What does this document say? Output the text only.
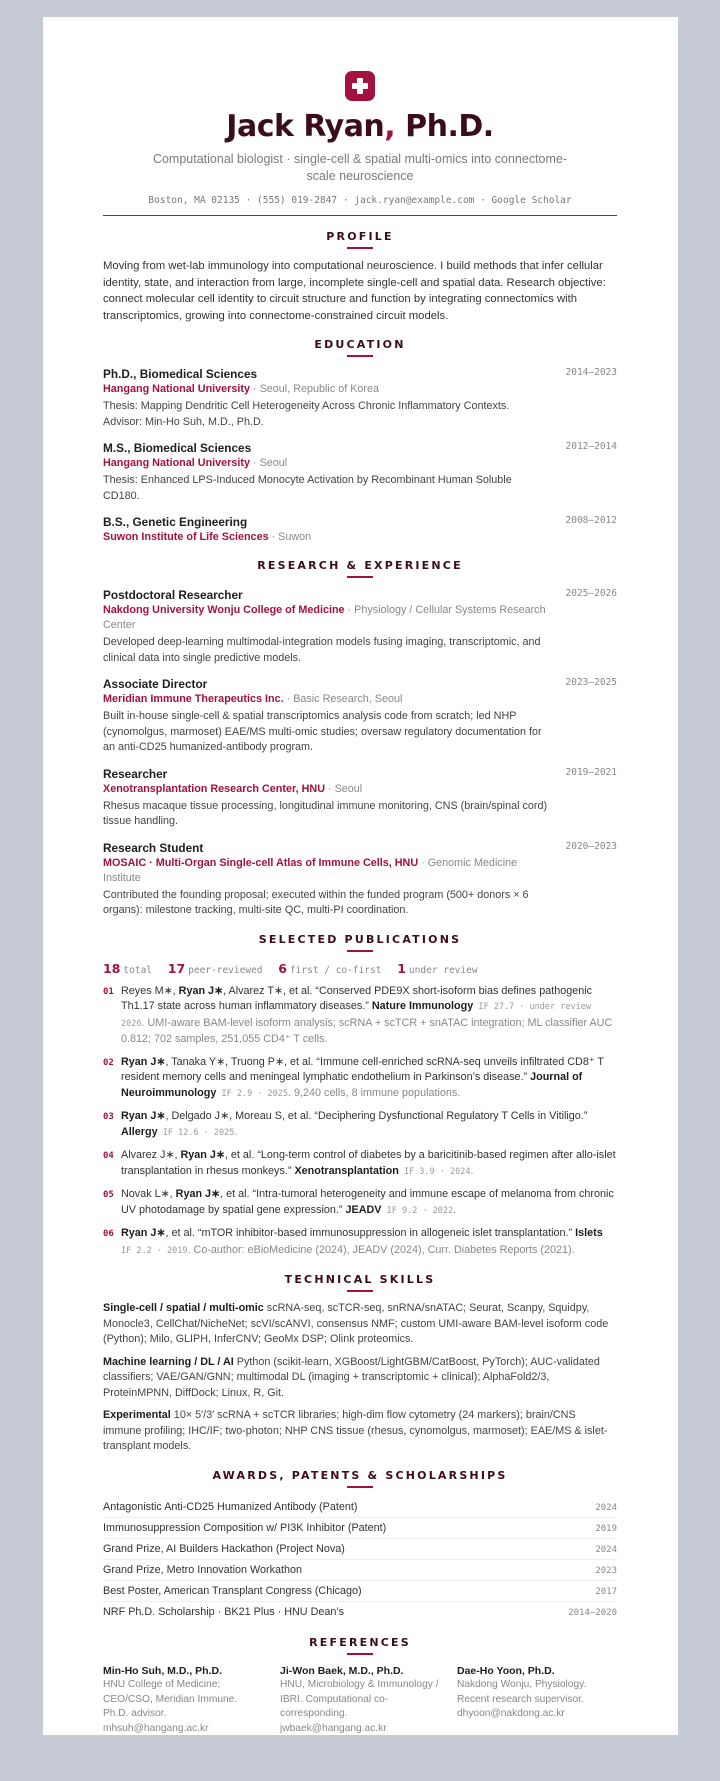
Jack Ryan, Ph.D.
Computational biologist · single-cell & spatial multi-omics into connectome-scale neuroscience
Boston, MA 02135 · (555) 019-2847 · jack.ryan@example.com · Google Scholar
PROFILE
Moving from wet-lab immunology into computational neuroscience. I build methods that infer cellular identity, state, and interaction from large, incomplete single-cell and spatial data. Research objective: connect molecular cell identity to circuit structure and function by integrating connectomics with transcriptomics, growing into connectome-constrained circuit models.
EDUCATION
Ph.D., Biomedical Sciences	2014–2023
Hangang National University · Seoul, Republic of Korea
Thesis: Mapping Dendritic Cell Heterogeneity Across Chronic Inflammatory Contexts. Advisor: Min-Ho Suh, M.D., Ph.D.
M.S., Biomedical Sciences	2012–2014
Hangang National University · Seoul
Thesis: Enhanced LPS-Induced Monocyte Activation by Recombinant Human Soluble CD180.
B.S., Genetic Engineering	2008–2012
Suwon Institute of Life Sciences · Suwon
RESEARCH & EXPERIENCE
Postdoctoral Researcher	2025–2026
Nakdong University Wonju College of Medicine · Physiology / Cellular Systems Research Center
Developed deep-learning multimodal-integration models fusing imaging, transcriptomic, and clinical data into single predictive models.
Associate Director	2023–2025
Meridian Immune Therapeutics Inc. · Basic Research, Seoul
Built in-house single-cell & spatial transcriptomics analysis code from scratch; led NHP (cynomolgus, marmoset) EAE/MS multi-omic studies; oversaw regulatory documentation for an anti-CD25 humanized-antibody program.
Researcher	2019–2021
Xenotransplantation Research Center, HNU · Seoul
Rhesus macaque tissue processing, longitudinal immune monitoring, CNS (brain/spinal cord) tissue handling.
Research Student	2020–2023
MOSAIC · Multi-Organ Single-cell Atlas of Immune Cells, HNU · Genomic Medicine Institute
Contributed the founding proposal; executed within the funded program (500+ donors × 6 organs): milestone tracking, multi-site QC, multi-PI coordination.
SELECTED PUBLICATIONS
18 total 17 peer-reviewed 6 first / co-first 1 under review
01 Reyes M∗, Ryan J∗, Alvarez T∗, et al. “Conserved PDE9X short-isoform bias defines pathogenic Th1.17 state across human inflammatory diseases.” Nature Immunology IF 27.7 · under review 2026. UMI-aware BAM-level isoform analysis; scRNA + scTCR + snATAC integration; ML classifier AUC 0.812; 702 samples, 251,055 CD4⁺ T cells.
02 Ryan J∗, Tanaka Y∗, Truong P∗, et al. “Immune cell-enriched scRNA-seq unveils infiltrated CD8⁺ T resident memory cells and meningeal lymphatic endothelium in Parkinson’s disease.” Journal of Neuroimmunology IF 2.9 · 2025. 9,240 cells, 8 immune populations.
03 Ryan J∗, Delgado J∗, Moreau S, et al. “Deciphering Dysfunctional Regulatory T Cells in Vitiligo.” Allergy IF 12.6 · 2025.
04 Alvarez J∗, Ryan J∗, et al. “Long-term control of diabetes by a baricitinib-based regimen after allo-islet transplantation in rhesus monkeys.” Xenotransplantation IF 3.9 · 2024.
05 Novak L∗, Ryan J∗, et al. “Intra-tumoral heterogeneity and immune escape of melanoma from chronic UV photodamage by spatial gene expression.” JEADV IF 9.2 · 2022.
06 Ryan J∗, et al. “mTOR inhibitor-based immunosuppression in allogeneic islet transplantation.” Islets IF 2.2 · 2019. Co-author: eBioMedicine (2024), JEADV (2024), Curr. Diabetes Reports (2021).
TECHNICAL SKILLS
Single-cell / spatial / multi-omic scRNA-seq, scTCR-seq, snRNA/snATAC; Seurat, Scanpy, Squidpy, Monocle3, CellChat/NicheNet; scVI/scANVI, consensus NMF; custom UMI-aware BAM-level isoform code (Python); Milo, GLIPH, InferCNV; GeoMx DSP; Olink proteomics.
Machine learning / DL / AI Python (scikit-learn, XGBoost/LightGBM/CatBoost, PyTorch); AUC-validated classifiers; VAE/GAN/GNN; multimodal DL (imaging + transcriptomic + clinical); AlphaFold2/3, ProteinMPNN, DiffDock; Linux, R, Git.
Experimental 10× 5′/3′ scRNA + scTCR libraries; high-dim flow cytometry (24 markers); brain/CNS immune profiling; IHC/IF; two-photon; NHP CNS tissue (rhesus, cynomolgus, marmoset); EAE/MS & islet-transplant models.
AWARDS, PATENTS & SCHOLARSHIPS
Antagonistic Anti-CD25 Humanized Antibody (Patent)	2024
Immunosuppression Composition w/ PI3K Inhibitor (Patent)	2019
Grand Prize, AI Builders Hackathon (Project Nova)	2024
Grand Prize, Metro Innovation Workathon	2023
Best Poster, American Transplant Congress (Chicago)	2017
NRF Ph.D. Scholarship · BK21 Plus · HNU Dean’s	2014–2020
REFERENCES
Min-Ho Suh, M.D., Ph.D.
HNU College of Medicine; CEO/CSO, Meridian Immune. Ph.D. advisor.
mhsuh@hangang.ac.kr
Ji-Won Baek, M.D., Ph.D.
HNU, Microbiology & Immunology / IBRI. Computational co-corresponding.
jwbaek@hangang.ac.kr
Dae-Ho Yoon, Ph.D.
Nakdong Wonju, Physiology. Recent research supervisor.
dhyoon@nakdong.ac.kr
